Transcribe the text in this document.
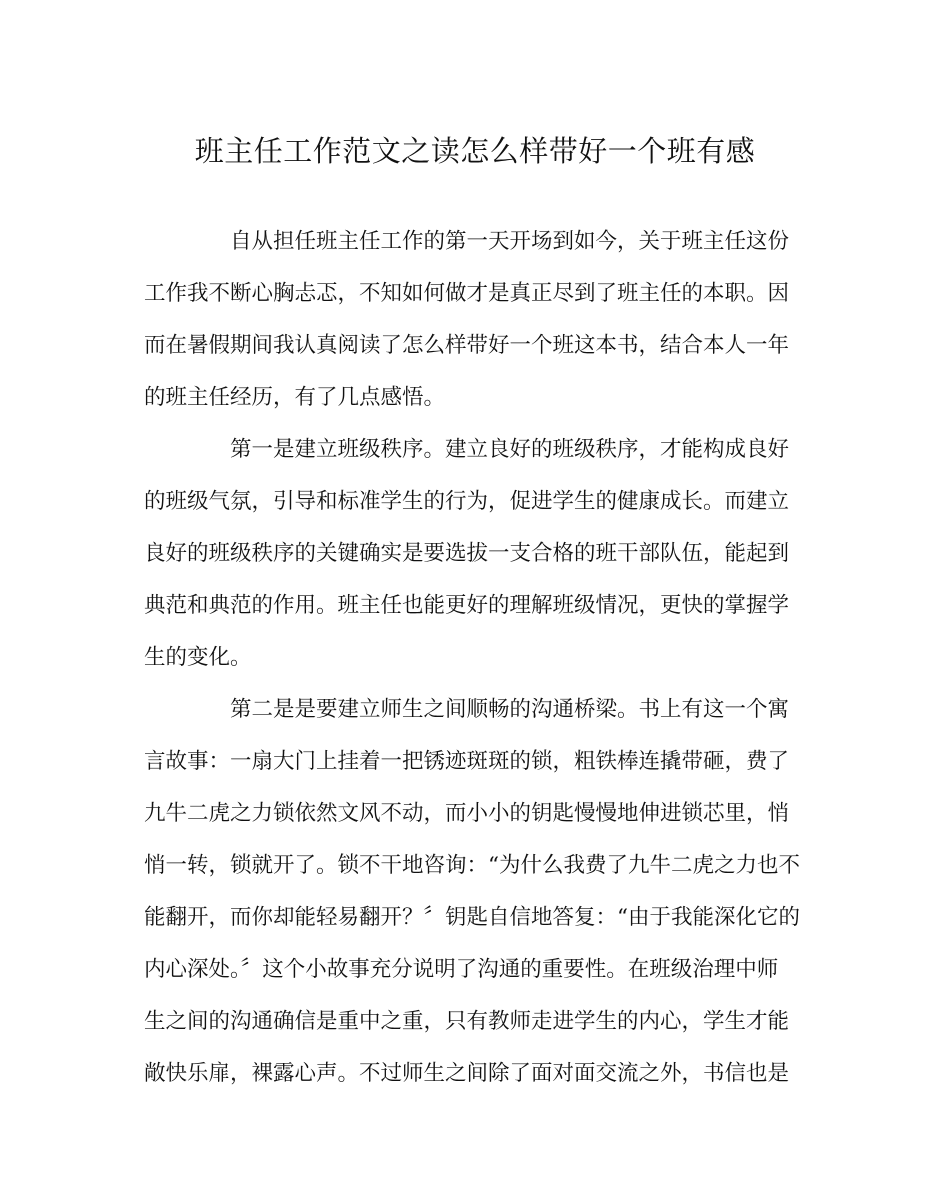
班主任工作范文之读怎么样带好一个班有感
自从担任班主任工作的第一天开场到如今，关于班主任这份
工作我不断心胸忐忑，不知如何做才是真正尽到了班主任的本职。因
而在暑假期间我认真阅读了怎么样带好一个班这本书，结合本人一年
的班主任经历，有了几点感悟。
第一是建立班级秩序。建立良好的班级秩序，才能构成良好
的班级气氛，引导和标准学生的行为，促进学生的健康成长。而建立
良好的班级秩序的关键确实是要选拔一支合格的班干部队伍，能起到
典范和典范的作用。班主任也能更好的理解班级情况，更快的掌握学
生的变化。
第二是是要建立师生之间顺畅的沟通桥梁。书上有这一个寓
言故事：一扇大门上挂着一把锈迹斑斑的锁，粗铁棒连撬带砸，费了
九牛二虎之力锁依然文风不动，而小小的钥匙慢慢地伸进锁芯里，悄
悄一转，锁就开了。锁不干地咨询：“为什么我费了九牛二虎之力也不
能翻开，而你却能轻易翻开？〞钥匙自信地答复：“由于我能深化它的
内心深处。〞这个小故事充分说明了沟通的重要性。在班级治理中师
生之间的沟通确信是重中之重，只有教师走进学生的内心，学生才能
敞快乐扉，裸露心声。不过师生之间除了面对面交流之外，书信也是
